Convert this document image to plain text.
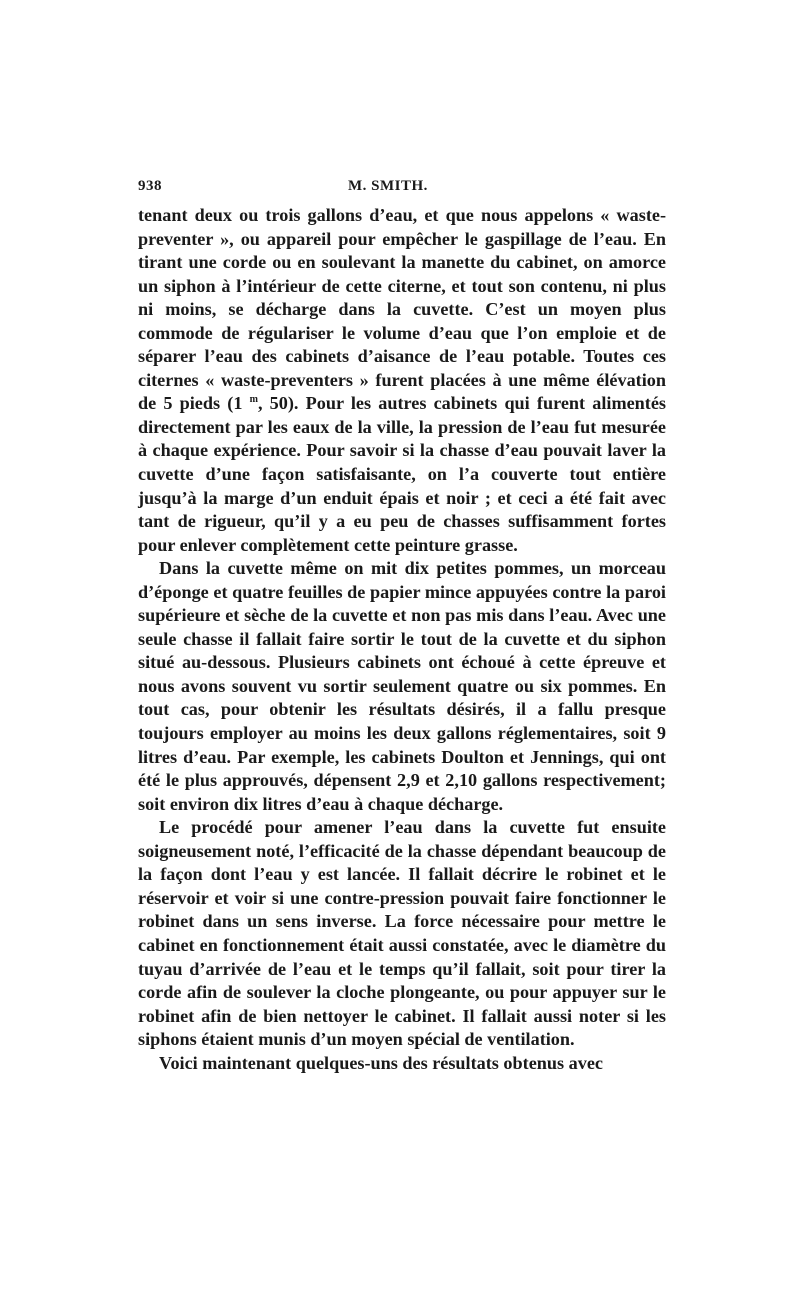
938	M. SMITH.

tenant deux ou trois gallons d’eau, et que nous appelons « waste-preventer », ou appareil pour empêcher le gaspillage de l’eau. En tirant une corde ou en soulevant la manette du cabinet, on amorce un siphon à l’intérieur de cette citerne, et tout son contenu, ni plus ni moins, se décharge dans la cuvette. C’est un moyen plus commode de régulariser le volume d’eau que l’on emploie et de séparer l’eau des cabinets d’aisance de l’eau potable. Toutes ces citernes « waste-preventers » furent placées à une même élévation de 5 pieds (1 $^m$, 50). Pour les autres cabinets qui furent alimentés directement par les eaux de la ville, la pression de l’eau fut mesurée à chaque expérience. Pour savoir si la chasse d’eau pouvait laver la cuvette d’une façon satisfaisante, on l’a couverte tout entière jusqu’à la marge d’un enduit épais et noir ; et ceci a été fait avec tant de rigueur, qu’il y a eu peu de chasses suffisamment fortes pour enlever complètement cette peinture grasse.

Dans la cuvette même on mit dix petites pommes, un morceau d’éponge et quatre feuilles de papier mince appuyées contre la paroi supérieure et sèche de la cuvette et non pas mis dans l’eau. Avec une seule chasse il fallait faire sortir le tout de la cuvette et du siphon situé au-dessous. Plusieurs cabinets ont échoué à cette épreuve et nous avons souvent vu sortir seulement quatre ou six pommes. En tout cas, pour obtenir les résultats désirés, il a fallu presque toujours employer au moins les deux gallons réglementaires, soit 9 litres d’eau. Par exemple, les cabinets Doulton et Jennings, qui ont été le plus approuvés, dépensent 2,9 et 2,10 gallons respectivement; soit environ dix litres d’eau à chaque décharge.

Le procédé pour amener l’eau dans la cuvette fut ensuite soigneusement noté, l’efficacité de la chasse dépendant beaucoup de la façon dont l’eau y est lancée. Il fallait décrire le robinet et le réservoir et voir si une contre-pression pouvait faire fonctionner le robinet dans un sens inverse. La force nécessaire pour mettre le cabinet en fonctionnement était aussi constatée, avec le diamètre du tuyau d’arrivée de l’eau et le temps qu’il fallait, soit pour tirer la corde afin de soulever la cloche plongeante, ou pour appuyer sur le robinet afin de bien nettoyer le cabinet. Il fallait aussi noter si les siphons étaient munis d’un moyen spécial de ventilation.

Voici maintenant quelques-uns des résultats obtenus avec
